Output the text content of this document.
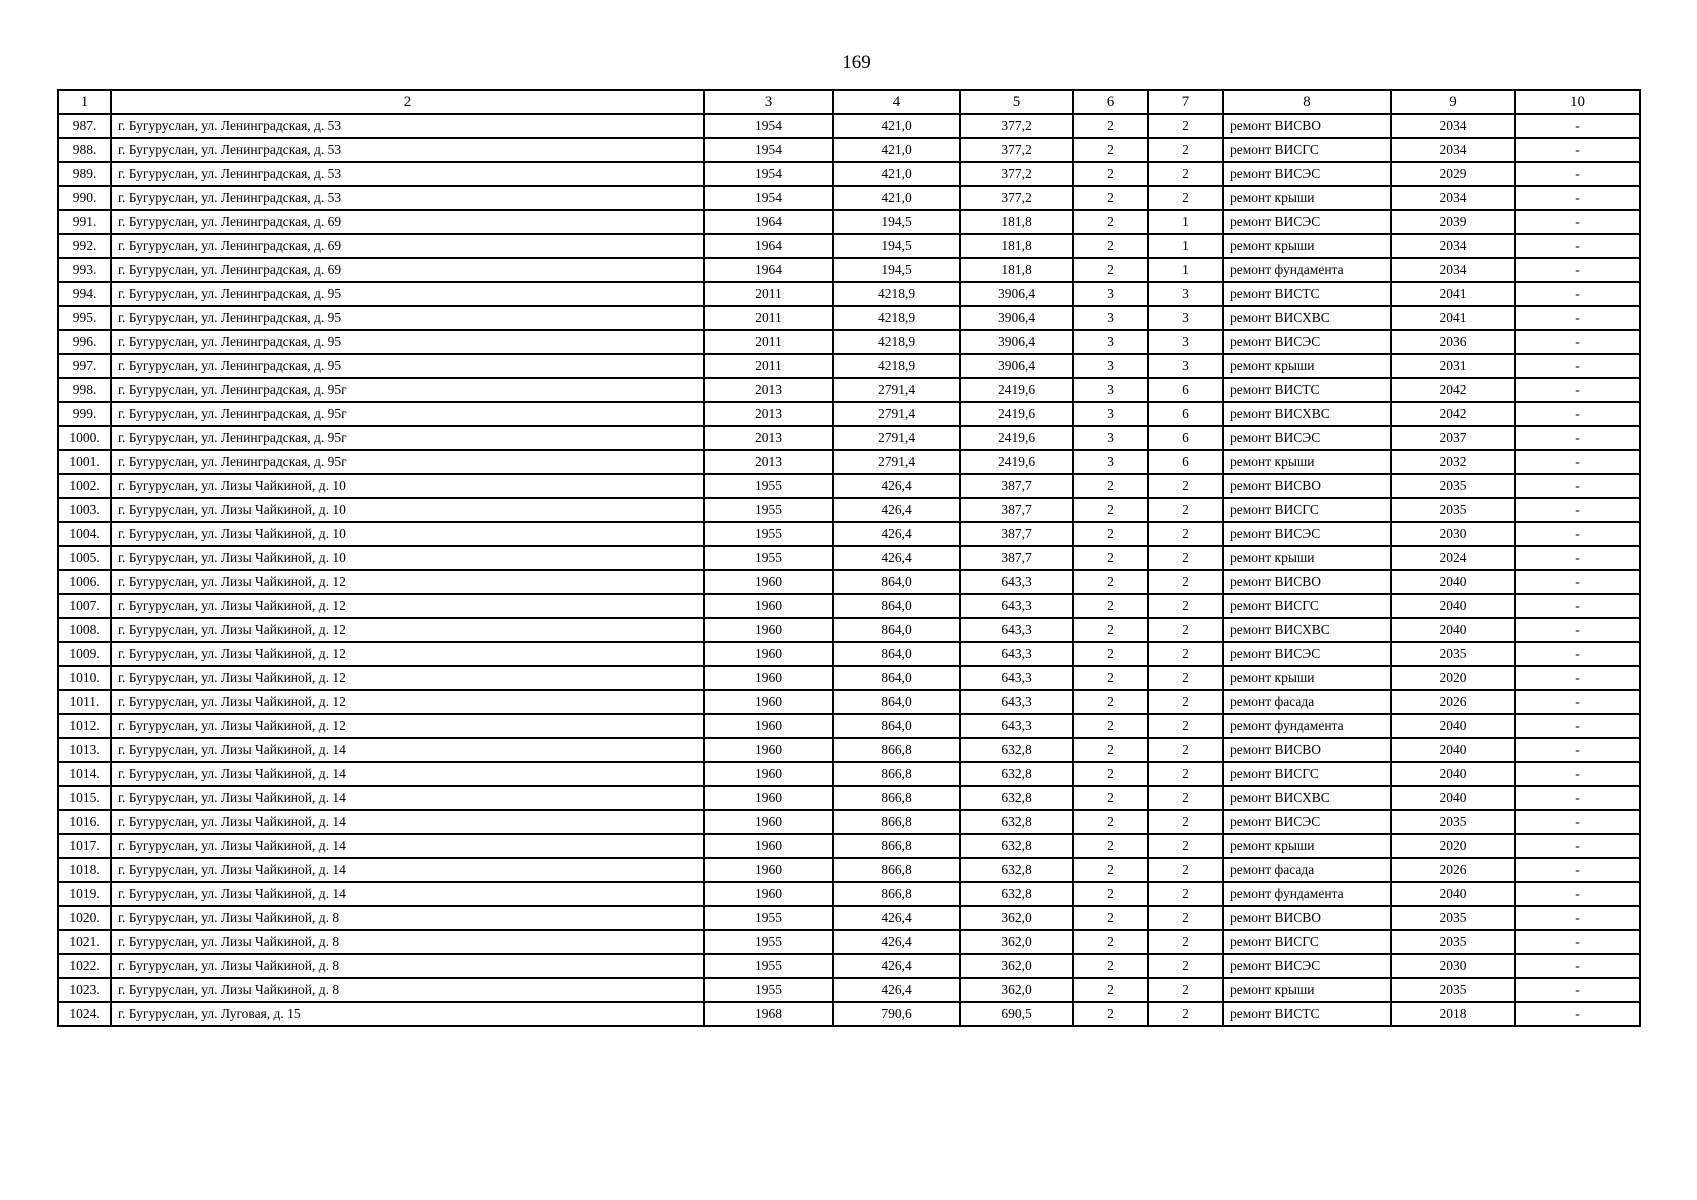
169
1	2	3	4	5	6	7	8	9	10
987.	г. Бугуруслан, ул. Ленинградская, д. 53	1954	421,0	377,2	2	2	ремонт ВИСВО	2034	-
988.	г. Бугуруслан, ул. Ленинградская, д. 53	1954	421,0	377,2	2	2	ремонт ВИСГС	2034	-
989.	г. Бугуруслан, ул. Ленинградская, д. 53	1954	421,0	377,2	2	2	ремонт ВИСЭС	2029	-
990.	г. Бугуруслан, ул. Ленинградская, д. 53	1954	421,0	377,2	2	2	ремонт крыши	2034	-
991.	г. Бугуруслан, ул. Ленинградская, д. 69	1964	194,5	181,8	2	1	ремонт ВИСЭС	2039	-
992.	г. Бугуруслан, ул. Ленинградская, д. 69	1964	194,5	181,8	2	1	ремонт крыши	2034	-
993.	г. Бугуруслан, ул. Ленинградская, д. 69	1964	194,5	181,8	2	1	ремонт фундамента	2034	-
994.	г. Бугуруслан, ул. Ленинградская, д. 95	2011	4218,9	3906,4	3	3	ремонт ВИСТС	2041	-
995.	г. Бугуруслан, ул. Ленинградская, д. 95	2011	4218,9	3906,4	3	3	ремонт ВИСХВС	2041	-
996.	г. Бугуруслан, ул. Ленинградская, д. 95	2011	4218,9	3906,4	3	3	ремонт ВИСЭС	2036	-
997.	г. Бугуруслан, ул. Ленинградская, д. 95	2011	4218,9	3906,4	3	3	ремонт крыши	2031	-
998.	г. Бугуруслан, ул. Ленинградская, д. 95г	2013	2791,4	2419,6	3	6	ремонт ВИСТС	2042	-
999.	г. Бугуруслан, ул. Ленинградская, д. 95г	2013	2791,4	2419,6	3	6	ремонт ВИСХВС	2042	-
1000.	г. Бугуруслан, ул. Ленинградская, д. 95г	2013	2791,4	2419,6	3	6	ремонт ВИСЭС	2037	-
1001.	г. Бугуруслан, ул. Ленинградская, д. 95г	2013	2791,4	2419,6	3	6	ремонт крыши	2032	-
1002.	г. Бугуруслан, ул. Лизы Чайкиной, д. 10	1955	426,4	387,7	2	2	ремонт ВИСВО	2035	-
1003.	г. Бугуруслан, ул. Лизы Чайкиной, д. 10	1955	426,4	387,7	2	2	ремонт ВИСГС	2035	-
1004.	г. Бугуруслан, ул. Лизы Чайкиной, д. 10	1955	426,4	387,7	2	2	ремонт ВИСЭС	2030	-
1005.	г. Бугуруслан, ул. Лизы Чайкиной, д. 10	1955	426,4	387,7	2	2	ремонт крыши	2024	-
1006.	г. Бугуруслан, ул. Лизы Чайкиной, д. 12	1960	864,0	643,3	2	2	ремонт ВИСВО	2040	-
1007.	г. Бугуруслан, ул. Лизы Чайкиной, д. 12	1960	864,0	643,3	2	2	ремонт ВИСГС	2040	-
1008.	г. Бугуруслан, ул. Лизы Чайкиной, д. 12	1960	864,0	643,3	2	2	ремонт ВИСХВС	2040	-
1009.	г. Бугуруслан, ул. Лизы Чайкиной, д. 12	1960	864,0	643,3	2	2	ремонт ВИСЭС	2035	-
1010.	г. Бугуруслан, ул. Лизы Чайкиной, д. 12	1960	864,0	643,3	2	2	ремонт крыши	2020	-
1011.	г. Бугуруслан, ул. Лизы Чайкиной, д. 12	1960	864,0	643,3	2	2	ремонт фасада	2026	-
1012.	г. Бугуруслан, ул. Лизы Чайкиной, д. 12	1960	864,0	643,3	2	2	ремонт фундамента	2040	-
1013.	г. Бугуруслан, ул. Лизы Чайкиной, д. 14	1960	866,8	632,8	2	2	ремонт ВИСВО	2040	-
1014.	г. Бугуруслан, ул. Лизы Чайкиной, д. 14	1960	866,8	632,8	2	2	ремонт ВИСГС	2040	-
1015.	г. Бугуруслан, ул. Лизы Чайкиной, д. 14	1960	866,8	632,8	2	2	ремонт ВИСХВС	2040	-
1016.	г. Бугуруслан, ул. Лизы Чайкиной, д. 14	1960	866,8	632,8	2	2	ремонт ВИСЭС	2035	-
1017.	г. Бугуруслан, ул. Лизы Чайкиной, д. 14	1960	866,8	632,8	2	2	ремонт крыши	2020	-
1018.	г. Бугуруслан, ул. Лизы Чайкиной, д. 14	1960	866,8	632,8	2	2	ремонт фасада	2026	-
1019.	г. Бугуруслан, ул. Лизы Чайкиной, д. 14	1960	866,8	632,8	2	2	ремонт фундамента	2040	-
1020.	г. Бугуруслан, ул. Лизы Чайкиной, д. 8	1955	426,4	362,0	2	2	ремонт ВИСВО	2035	-
1021.	г. Бугуруслан, ул. Лизы Чайкиной, д. 8	1955	426,4	362,0	2	2	ремонт ВИСГС	2035	-
1022.	г. Бугуруслан, ул. Лизы Чайкиной, д. 8	1955	426,4	362,0	2	2	ремонт ВИСЭС	2030	-
1023.	г. Бугуруслан, ул. Лизы Чайкиной, д. 8	1955	426,4	362,0	2	2	ремонт крыши	2035	-
1024.	г. Бугуруслан, ул. Луговая, д. 15	1968	790,6	690,5	2	2	ремонт ВИСТС	2018	-
